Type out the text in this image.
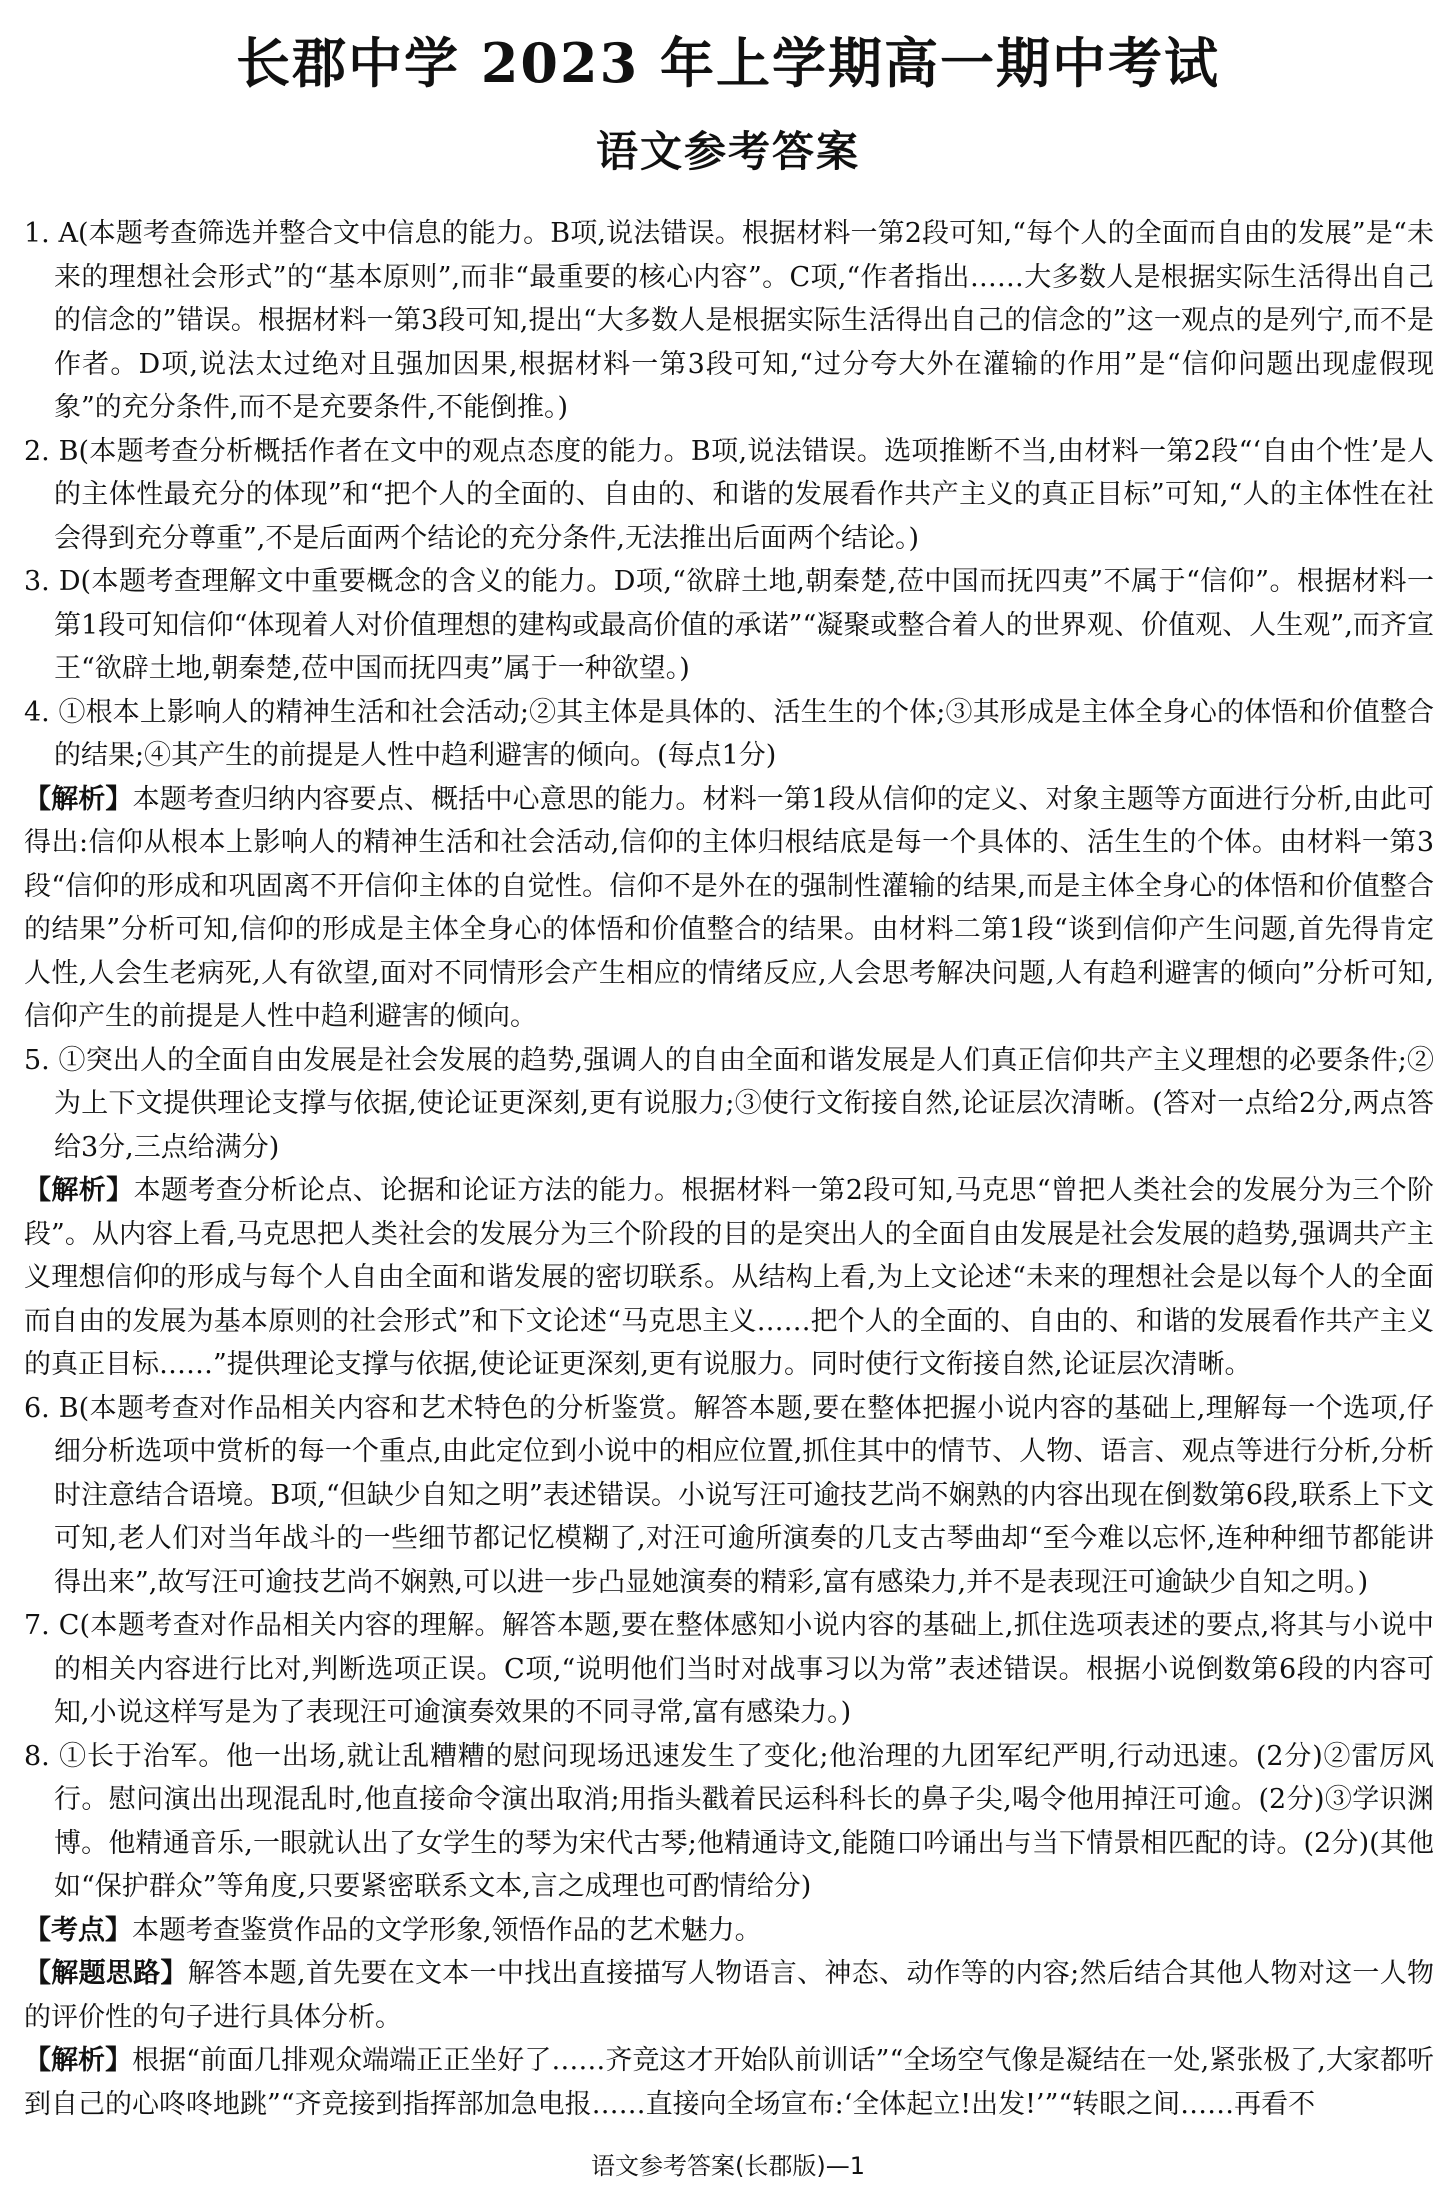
长郡中学 2023 年上学期高一期中考试
语文参考答案

1. A(本题考查筛选并整合文中信息的能力。B项,说法错误。根据材料一第2段可知,“每个人的全面而自由的发展”是“未来的理想社会形式”的“基本原则”,而非“最重要的核心内容”。C项,“作者指出……大多数人是根据实际生活得出自己的信念的”错误。根据材料一第3段可知,提出“大多数人是根据实际生活得出自己的信念的”这一观点的是列宁,而不是作者。D项,说法太过绝对且强加因果,根据材料一第3段可知,“过分夸大外在灌输的作用”是“信仰问题出现虚假现象”的充分条件,而不是充要条件,不能倒推。)

2. B(本题考查分析概括作者在文中的观点态度的能力。B项,说法错误。选项推断不当,由材料一第2段“‘自由个性’是人的主体性最充分的体现”和“把个人的全面的、自由的、和谐的发展看作共产主义的真正目标”可知,“人的主体性在社会得到充分尊重”,不是后面两个结论的充分条件,无法推出后面两个结论。)

3. D(本题考查理解文中重要概念的含义的能力。D项,“欲辟土地,朝秦楚,莅中国而抚四夷”不属于“信仰”。根据材料一第1段可知信仰“体现着人对价值理想的建构或最高价值的承诺”“凝聚或整合着人的世界观、价值观、人生观”,而齐宣王“欲辟土地,朝秦楚,莅中国而抚四夷”属于一种欲望。)

4. ①根本上影响人的精神生活和社会活动;②其主体是具体的、活生生的个体;③其形成是主体全身心的体悟和价值整合的结果;④其产生的前提是人性中趋利避害的倾向。(每点1分)

【解析】本题考查归纳内容要点、概括中心意思的能力。材料一第1段从信仰的定义、对象主题等方面进行分析,由此可得出:信仰从根本上影响人的精神生活和社会活动,信仰的主体归根结底是每一个具体的、活生生的个体。由材料一第3段“信仰的形成和巩固离不开信仰主体的自觉性。信仰不是外在的强制性灌输的结果,而是主体全身心的体悟和价值整合的结果”分析可知,信仰的形成是主体全身心的体悟和价值整合的结果。由材料二第1段“谈到信仰产生问题,首先得肯定人性,人会生老病死,人有欲望,面对不同情形会产生相应的情绪反应,人会思考解决问题,人有趋利避害的倾向”分析可知,信仰产生的前提是人性中趋利避害的倾向。

5. ①突出人的全面自由发展是社会发展的趋势,强调人的自由全面和谐发展是人们真正信仰共产主义理想的必要条件;②为上下文提供理论支撑与依据,使论证更深刻,更有说服力;③使行文衔接自然,论证层次清晰。(答对一点给2分,两点答给3分,三点给满分)

【解析】本题考查分析论点、论据和论证方法的能力。根据材料一第2段可知,马克思“曾把人类社会的发展分为三个阶段”。从内容上看,马克思把人类社会的发展分为三个阶段的目的是突出人的全面自由发展是社会发展的趋势,强调共产主义理想信仰的形成与每个人自由全面和谐发展的密切联系。从结构上看,为上文论述“未来的理想社会是以每个人的全面而自由的发展为基本原则的社会形式”和下文论述“马克思主义……把个人的全面的、自由的、和谐的发展看作共产主义的真正目标……”提供理论支撑与依据,使论证更深刻,更有说服力。同时使行文衔接自然,论证层次清晰。

6. B(本题考查对作品相关内容和艺术特色的分析鉴赏。解答本题,要在整体把握小说内容的基础上,理解每一个选项,仔细分析选项中赏析的每一个重点,由此定位到小说中的相应位置,抓住其中的情节、人物、语言、观点等进行分析,分析时注意结合语境。B项,“但缺少自知之明”表述错误。小说写汪可逾技艺尚不娴熟的内容出现在倒数第6段,联系上下文可知,老人们对当年战斗的一些细节都记忆模糊了,对汪可逾所演奏的几支古琴曲却“至今难以忘怀,连种种细节都能讲得出来”,故写汪可逾技艺尚不娴熟,可以进一步凸显她演奏的精彩,富有感染力,并不是表现汪可逾缺少自知之明。)

7. C(本题考查对作品相关内容的理解。解答本题,要在整体感知小说内容的基础上,抓住选项表述的要点,将其与小说中的相关内容进行比对,判断选项正误。C项,“说明他们当时对战事习以为常”表述错误。根据小说倒数第6段的内容可知,小说这样写是为了表现汪可逾演奏效果的不同寻常,富有感染力。)

8. ①长于治军。他一出场,就让乱糟糟的慰问现场迅速发生了变化;他治理的九团军纪严明,行动迅速。(2分)②雷厉风行。慰问演出出现混乱时,他直接命令演出取消;用指头戳着民运科科长的鼻子尖,喝令他用掉汪可逾。(2分)③学识渊博。他精通音乐,一眼就认出了女学生的琴为宋代古琴;他精通诗文,能随口吟诵出与当下情景相匹配的诗。(2分)(其他如“保护群众”等角度,只要紧密联系文本,言之成理也可酌情给分)

【考点】本题考查鉴赏作品的文学形象,领悟作品的艺术魅力。

【解题思路】解答本题,首先要在文本一中找出直接描写人物语言、神态、动作等的内容;然后结合其他人物对这一人物的评价性的句子进行具体分析。

【解析】根据“前面几排观众端端正正坐好了……齐竞这才开始队前训话”“全场空气像是凝结在一处,紧张极了,大家都听到自己的心咚咚地跳”“齐竞接到指挥部加急电报……直接向全场宣布:‘全体起立!出发!’”“转眼之间……再看不

语文参考答案(长郡版)—1
